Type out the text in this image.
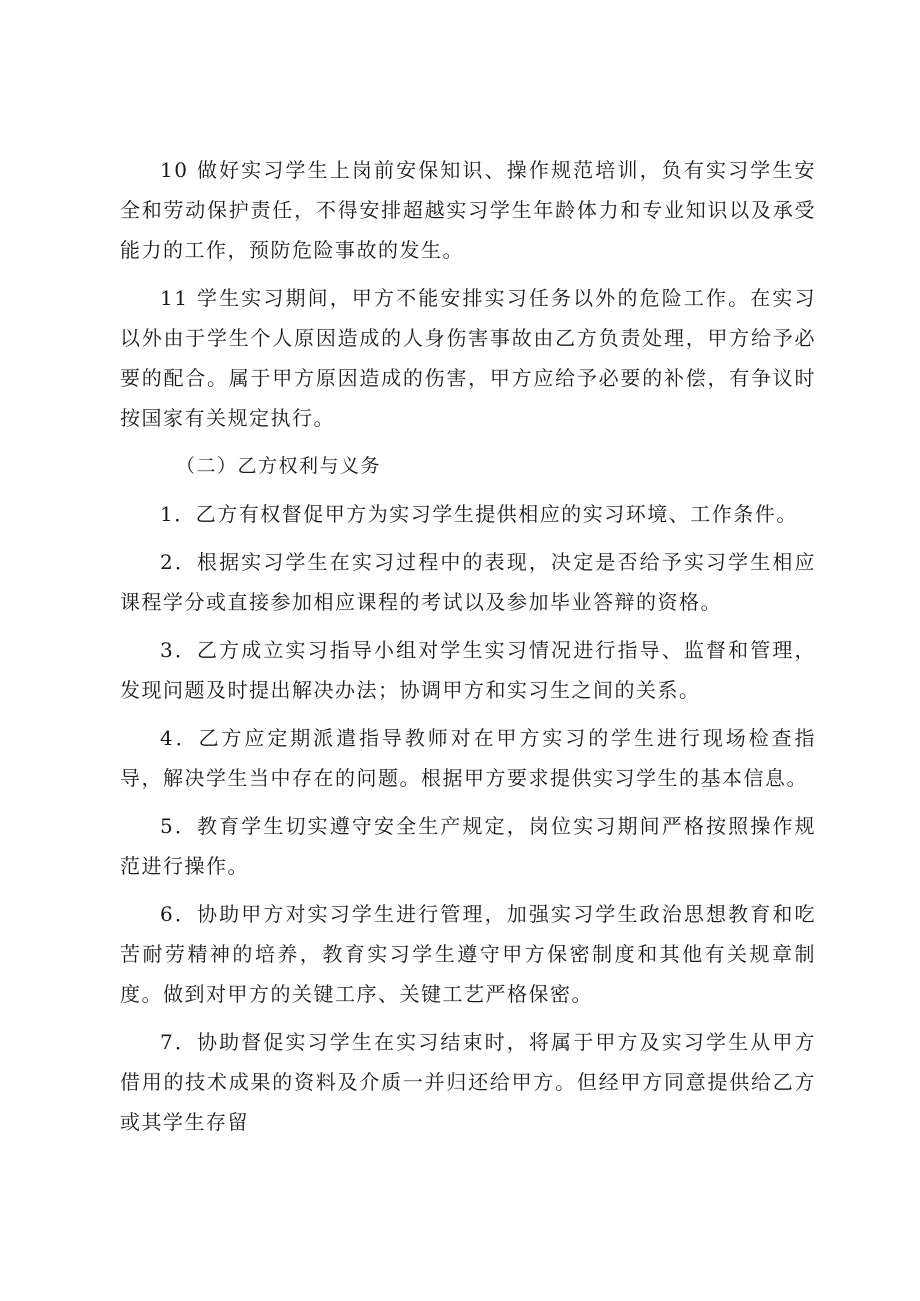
10 做好实习学生上岗前安保知识、操作规范培训，负有实习学生安全和劳动保护责任，不得安排超越实习学生年龄体力和专业知识以及承受能力的工作，预防危险事故的发生。

11 学生实习期间，甲方不能安排实习任务以外的危险工作。在实习以外由于学生个人原因造成的人身伤害事故由乙方负责处理，甲方给予必要的配合。属于甲方原因造成的伤害，甲方应给予必要的补偿，有争议时按国家有关规定执行。

（二）乙方权利与义务

1．乙方有权督促甲方为实习学生提供相应的实习环境、工作条件。

2．根据实习学生在实习过程中的表现，决定是否给予实习学生相应课程学分或直接参加相应课程的考试以及参加毕业答辩的资格。

3．乙方成立实习指导小组对学生实习情况进行指导、监督和管理，发现问题及时提出解决办法；协调甲方和实习生之间的关系。

4．乙方应定期派遣指导教师对在甲方实习的学生进行现场检查指导，解决学生当中存在的问题。根据甲方要求提供实习学生的基本信息。

5．教育学生切实遵守安全生产规定，岗位实习期间严格按照操作规范进行操作。

6．协助甲方对实习学生进行管理，加强实习学生政治思想教育和吃苦耐劳精神的培养，教育实习学生遵守甲方保密制度和其他有关规章制度。做到对甲方的关键工序、关键工艺严格保密。

7．协助督促实习学生在实习结束时，将属于甲方及实习学生从甲方借用的技术成果的资料及介质一并归还给甲方。但经甲方同意提供给乙方或其学生存留
